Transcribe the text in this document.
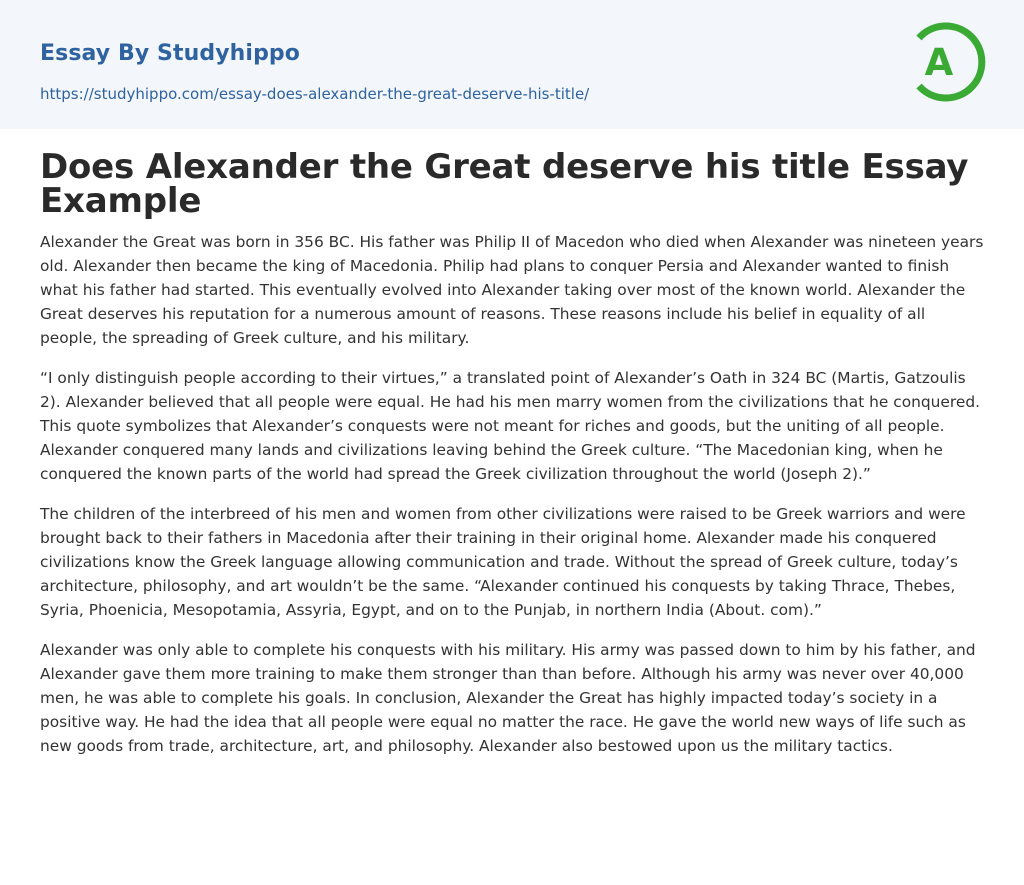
Essay By Studyhippo
https://studyhippo.com/essay-does-alexander-the-great-deserve-his-title/
A
Does Alexander the Great deserve his title Essay Example

Alexander the Great was born in 356 BC. His father was Philip II of Macedon who died when Alexander was nineteen years old. Alexander then became the king of Macedonia. Philip had plans to conquer Persia and Alexander wanted to finish what his father had started. This eventually evolved into Alexander taking over most of the known world. Alexander the Great deserves his reputation for a numerous amount of reasons. These reasons include his belief in equality of all people, the spreading of Greek culture, and his military.

“I only distinguish people according to their virtues,” a translated point of Alexander’s Oath in 324 BC (Martis, Gatzoulis 2). Alexander believed that all people were equal. He had his men marry women from the civilizations that he conquered. This quote symbolizes that Alexander’s conquests were not meant for riches and goods, but the uniting of all people. Alexander conquered many lands and civilizations leaving behind the Greek culture. “The Macedonian king, when he conquered the known parts of the world had spread the Greek civilization throughout the world (Joseph 2).”

The children of the interbreed of his men and women from other civilizations were raised to be Greek warriors and were brought back to their fathers in Macedonia after their training in their original home. Alexander made his conquered civilizations know the Greek language allowing communication and trade. Without the spread of Greek culture, today’s architecture, philosophy, and art wouldn’t be the same. “Alexander continued his conquests by taking Thrace, Thebes, Syria, Phoenicia, Mesopotamia, Assyria, Egypt, and on to the Punjab, in northern India (About. com).”

Alexander was only able to complete his conquests with his military. His army was passed down to him by his father, and Alexander gave them more training to make them stronger than than before. Although his army was never over 40,000 men, he was able to complete his goals. In conclusion, Alexander the Great has highly impacted today’s society in a positive way. He had the idea that all people were equal no matter the race. He gave the world new ways of life such as new goods from trade, architecture, art, and philosophy. Alexander also bestowed upon us the military tactics.
